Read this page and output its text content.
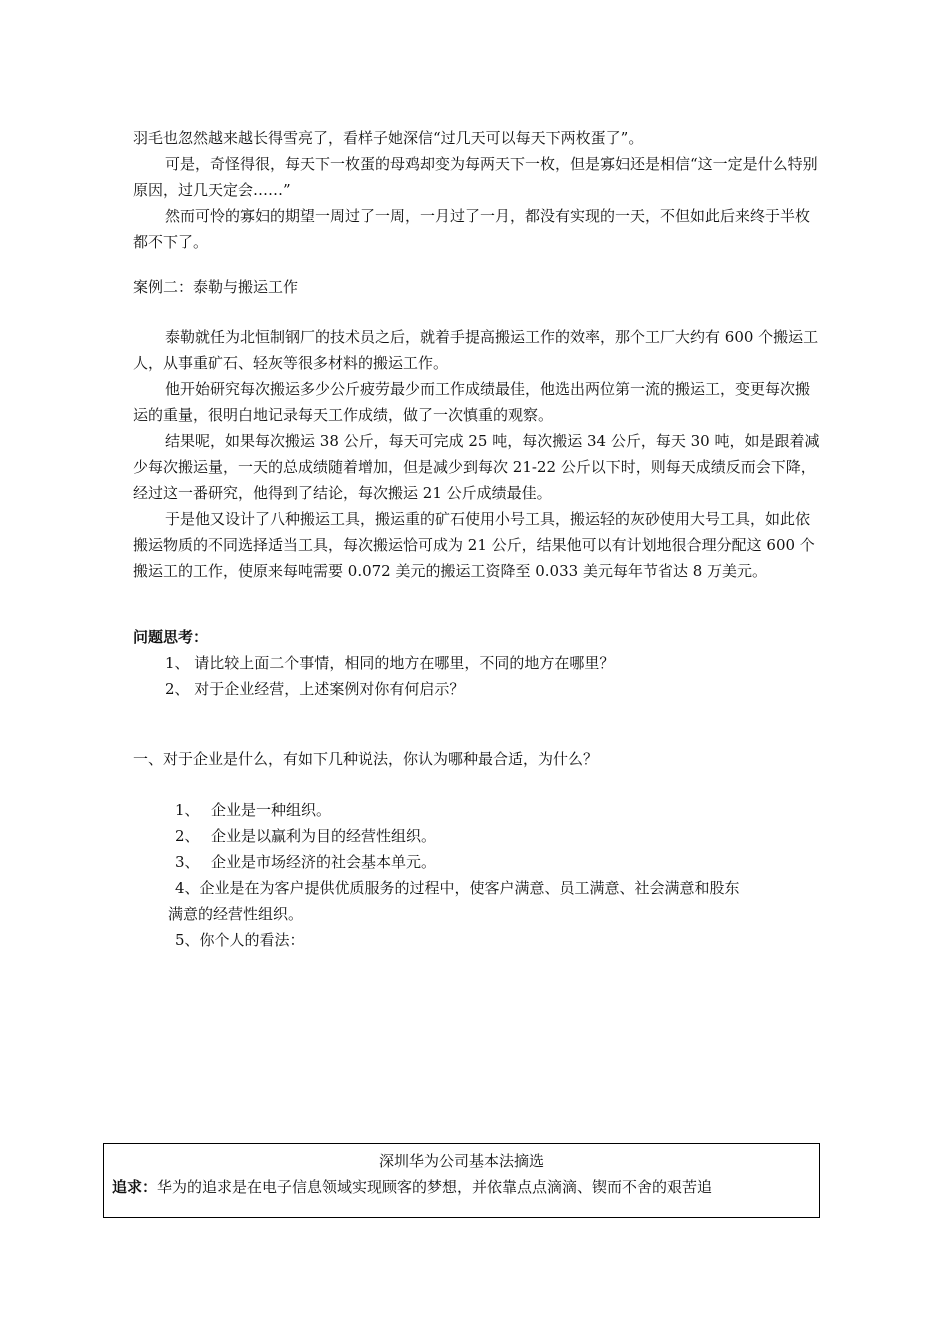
羽毛也忽然越来越长得雪亮了，看样子她深信“过几天可以每天下两枚蛋了”。

可是，奇怪得很，每天下一枚蛋的母鸡却变为每两天下一枚，但是寡妇还是相信“这一定是什么特别原因，过几天定会……”

然而可怜的寡妇的期望一周过了一周，一月过了一月，都没有实现的一天，不但如此后来终于半枚都不下了。

案例二：泰勒与搬运工作

泰勒就任为北恒制钢厂的技术员之后，就着手提高搬运工作的效率，那个工厂大约有 600 个搬运工人，从事重矿石、轻灰等很多材料的搬运工作。

他开始研究每次搬运多少公斤疲劳最少而工作成绩最佳，他选出两位第一流的搬运工，变更每次搬运的重量，很明白地记录每天工作成绩，做了一次慎重的观察。

结果呢，如果每次搬运 38 公斤，每天可完成 25 吨，每次搬运 34 公斤，每天 30 吨，如是跟着减少每次搬运量，一天的总成绩随着增加，但是减少到每次 21-22 公斤以下时，则每天成绩反而会下降，经过这一番研究，他得到了结论，每次搬运 21 公斤成绩最佳。

于是他又设计了八种搬运工具，搬运重的矿石使用小号工具，搬运轻的灰砂使用大号工具，如此依搬运物质的不同选择适当工具，每次搬运恰可成为 21 公斤，结果他可以有计划地很合理分配这 600 个搬运工的工作，使原来每吨需要 0.072 美元的搬运工资降至 0.033 美元每年节省达 8 万美元。

问题思考：
1、 请比较上面二个事情，相同的地方在哪里，不同的地方在哪里？
2、 对于企业经营，上述案例对你有何启示？
一、对于企业是什么，有如下几种说法，你认为哪种最合适，为什么？
1、 企业是一种组织。
2、 企业是以赢利为目的经营性组织。
3、 企业是市场经济的社会基本单元。
4、企业是在为客户提供优质服务的过程中，使客户满意、员工满意、社会满意和股东
满意的经营性组织。
5、你个人的看法：
深圳华为公司基本法摘选
追求：华为的追求是在电子信息领域实现顾客的梦想，并依靠点点滴滴、锲而不舍的艰苦追
